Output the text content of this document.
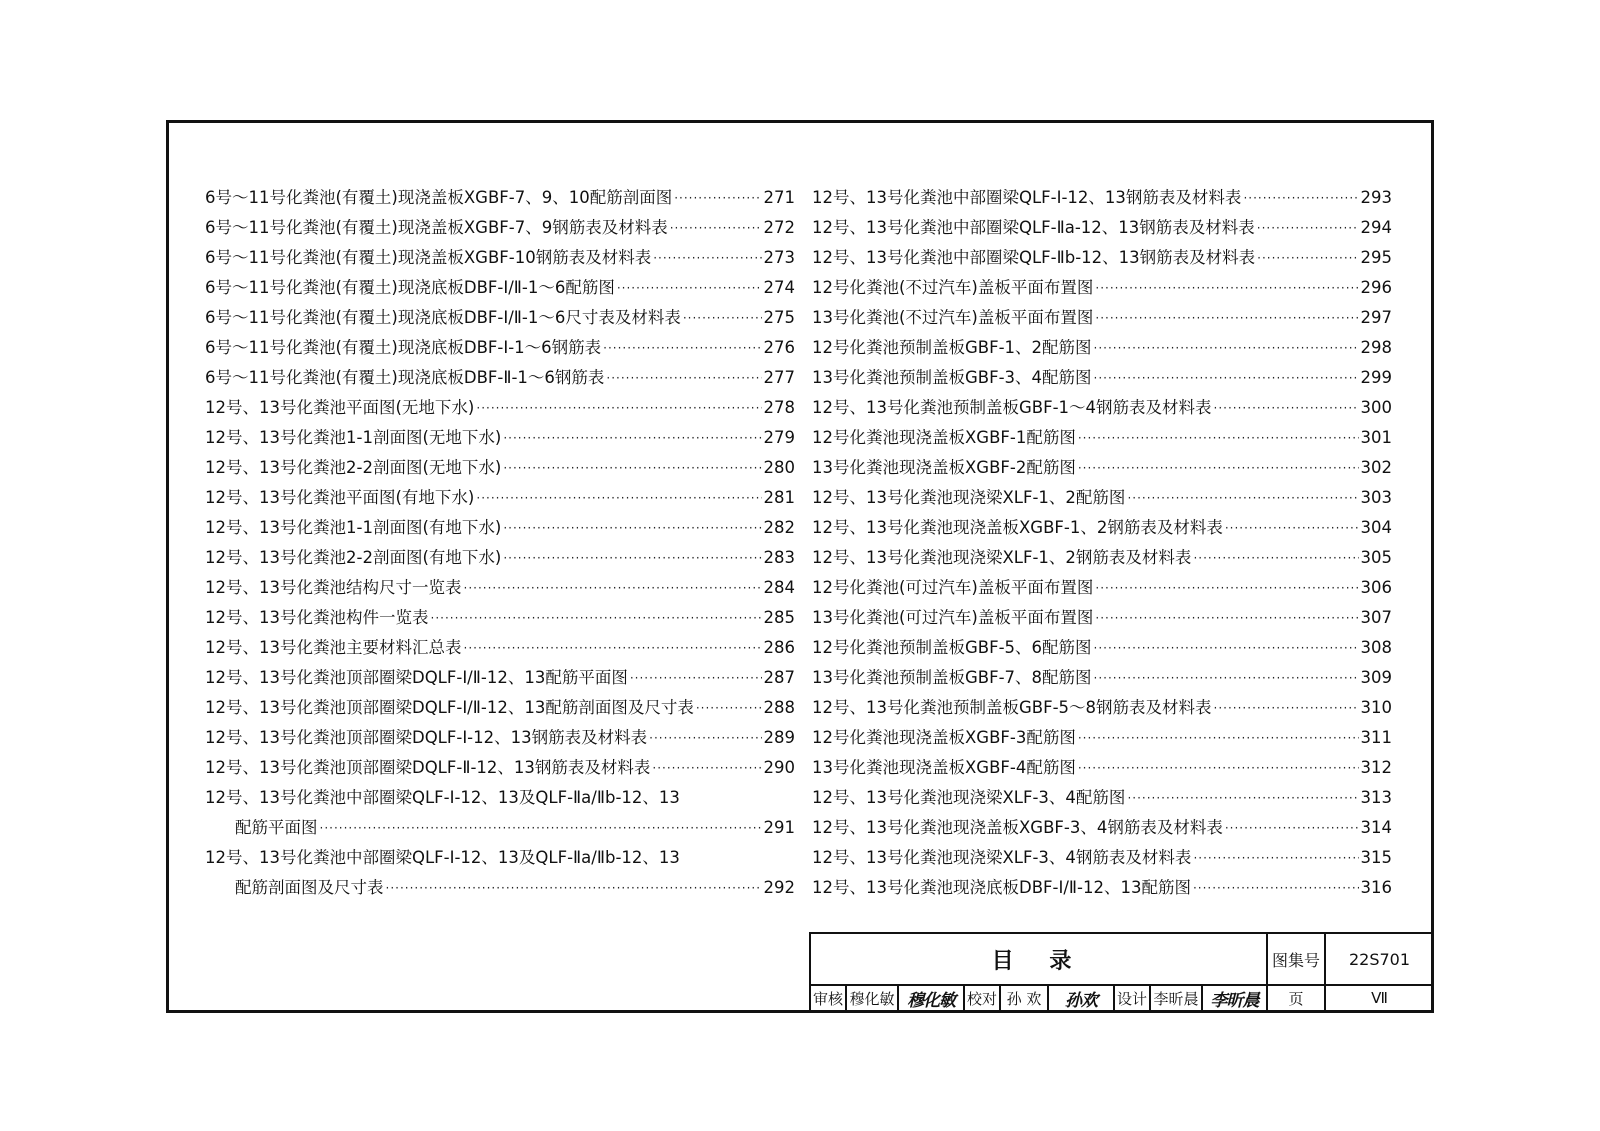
6号～11号化粪池(有覆土)现浇盖板XGBF-7、9、10配筋剖面图 ·····	271
6号～11号化粪池(有覆土)现浇盖板XGBF-7、9钢筋表及材料表 ·····	272
6号～11号化粪池(有覆土)现浇盖板XGBF-10钢筋表及材料表 ·····	273
6号～11号化粪池(有覆土)现浇底板DBF-Ⅰ/Ⅱ-1～6配筋图 ·····	274
6号～11号化粪池(有覆土)现浇底板DBF-Ⅰ/Ⅱ-1～6尺寸表及材料表 ·····	275
6号～11号化粪池(有覆土)现浇底板DBF-Ⅰ-1～6钢筋表 ·····	276
6号～11号化粪池(有覆土)现浇底板DBF-Ⅱ-1～6钢筋表 ·····	277
12号、13号化粪池平面图(无地下水) ·····	278
12号、13号化粪池1-1剖面图(无地下水) ·····	279
12号、13号化粪池2-2剖面图(无地下水) ·····	280
12号、13号化粪池平面图(有地下水) ·····	281
12号、13号化粪池1-1剖面图(有地下水) ·····	282
12号、13号化粪池2-2剖面图(有地下水) ·····	283
12号、13号化粪池结构尺寸一览表 ·····	284
12号、13号化粪池构件一览表 ·····	285
12号、13号化粪池主要材料汇总表 ·····	286
12号、13号化粪池顶部圈梁DQLF-Ⅰ/Ⅱ-12、13配筋平面图 ·····	287
12号、13号化粪池顶部圈梁DQLF-Ⅰ/Ⅱ-12、13配筋剖面图及尺寸表 ·····	288
12号、13号化粪池顶部圈梁DQLF-Ⅰ-12、13钢筋表及材料表 ·····	289
12号、13号化粪池顶部圈梁DQLF-Ⅱ-12、13钢筋表及材料表 ·····	290
12号、13号化粪池中部圈梁QLF-Ⅰ-12、13及QLF-Ⅱa/Ⅱb-12、13
配筋平面图 ·····	291
12号、13号化粪池中部圈梁QLF-Ⅰ-12、13及QLF-Ⅱa/Ⅱb-12、13
配筋剖面图及尺寸表 ·····	292
12号、13号化粪池中部圈梁QLF-Ⅰ-12、13钢筋表及材料表 ·····	293
12号、13号化粪池中部圈梁QLF-Ⅱa-12、13钢筋表及材料表 ·····	294
12号、13号化粪池中部圈梁QLF-Ⅱb-12、13钢筋表及材料表 ·····	295
12号化粪池(不过汽车)盖板平面布置图 ·····	296
13号化粪池(不过汽车)盖板平面布置图 ·····	297
12号化粪池预制盖板GBF-1、2配筋图 ·····	298
13号化粪池预制盖板GBF-3、4配筋图 ·····	299
12号、13号化粪池预制盖板GBF-1～4钢筋表及材料表 ·····	300
12号化粪池现浇盖板XGBF-1配筋图 ·····	301
13号化粪池现浇盖板XGBF-2配筋图 ·····	302
12号、13号化粪池现浇梁XLF-1、2配筋图 ·····	303
12号、13号化粪池现浇盖板XGBF-1、2钢筋表及材料表 ·····	304
12号、13号化粪池现浇梁XLF-1、2钢筋表及材料表 ·····	305
12号化粪池(可过汽车)盖板平面布置图 ·····	306
13号化粪池(可过汽车)盖板平面布置图 ·····	307
12号化粪池预制盖板GBF-5、6配筋图 ·····	308
13号化粪池预制盖板GBF-7、8配筋图 ·····	309
12号、13号化粪池预制盖板GBF-5～8钢筋表及材料表 ·····	310
12号化粪池现浇盖板XGBF-3配筋图 ·····	311
13号化粪池现浇盖板XGBF-4配筋图 ·····	312
12号、13号化粪池现浇梁XLF-3、4配筋图 ·····	313
12号、13号化粪池现浇盖板XGBF-3、4钢筋表及材料表 ·····	314
12号、13号化粪池现浇梁XLF-3、4钢筋表及材料表 ·····	315
12号、13号化粪池现浇底板DBF-Ⅰ/Ⅱ-12、13配筋图 ·····	316
目 录	图集号	22S701
审核 穆化敏 穆化敏 校对 孙 欢	孙欢	设计 李昕晨 李昕晨	页	Ⅶ
